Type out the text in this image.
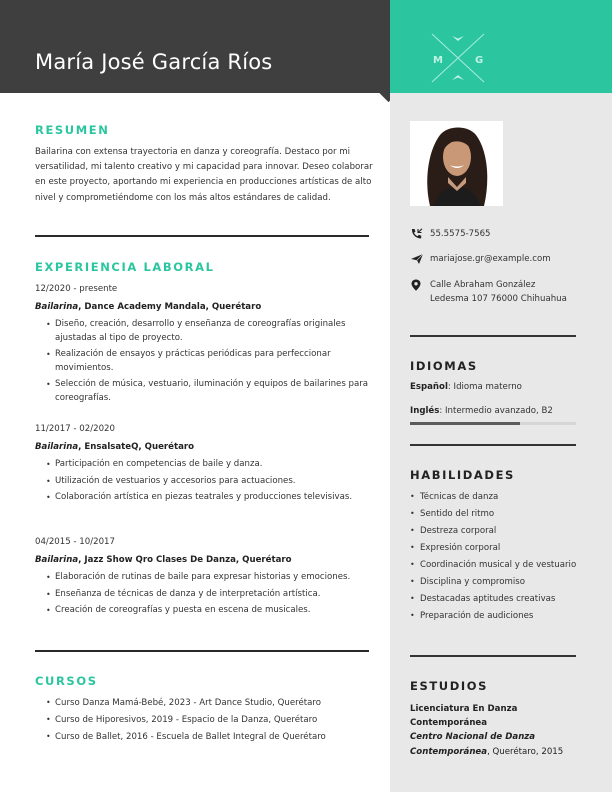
María José García Ríos	M	G
55.5575-7565
mariajose.gr@example.com
Calle Abraham González
Ledesma 107 76000 Chihuahua
IDIOMAS
Español: Idioma materno
Inglés: Intermedio avanzado, B2
HABILIDADES
• Técnicas de danza
• Sentido del ritmo
• Destreza corporal
• Expresión corporal
• Coordinación musical y de vestuario
• Disciplina y compromiso
• Destacadas aptitudes creativas
• Preparación de audiciones
ESTUDIOS
Licenciatura En Danza Contemporánea
Centro Nacional de Danza Contemporánea, Querétaro, 2015
RESUMEN
Bailarina con extensa trayectoria en danza y coreografía. Destaco por mi versatilidad, mi talento creativo y mi capacidad para innovar. Deseo colaborar en este proyecto, aportando mi experiencia en producciones artísticas de alto nivel y comprometiéndome con los más altos estándares de calidad.
EXPERIENCIA LABORAL
12/2020 - presente
Bailarina, Dance Academy Mandala, Querétaro
• Diseño, creación, desarrollo y enseñanza de coreografías originales ajustadas al tipo de proyecto.
• Realización de ensayos y prácticas periódicas para perfeccionar movimientos.
• Selección de música, vestuario, iluminación y equipos de bailarines para coreografías.
11/2017 - 02/2020
Bailarina, EnsalsateQ, Querétaro
• Participación en competencias de baile y danza.
• Utilización de vestuarios y accesorios para actuaciones.
• Colaboración artística en piezas teatrales y producciones televisivas.
04/2015 - 10/2017
Bailarina, Jazz Show Qro Clases De Danza, Querétaro
• Elaboración de rutinas de baile para expresar historias y emociones.
• Enseñanza de técnicas de danza y de interpretación artística.
• Creación de coreografías y puesta en escena de musicales.
CURSOS
• Curso Danza Mamá-Bebé, 2023 - Art Dance Studio, Querétaro
• Curso de Hiporesivos, 2019 - Espacio de la Danza, Querétaro
• Curso de Ballet, 2016 - Escuela de Ballet Integral de Querétaro
